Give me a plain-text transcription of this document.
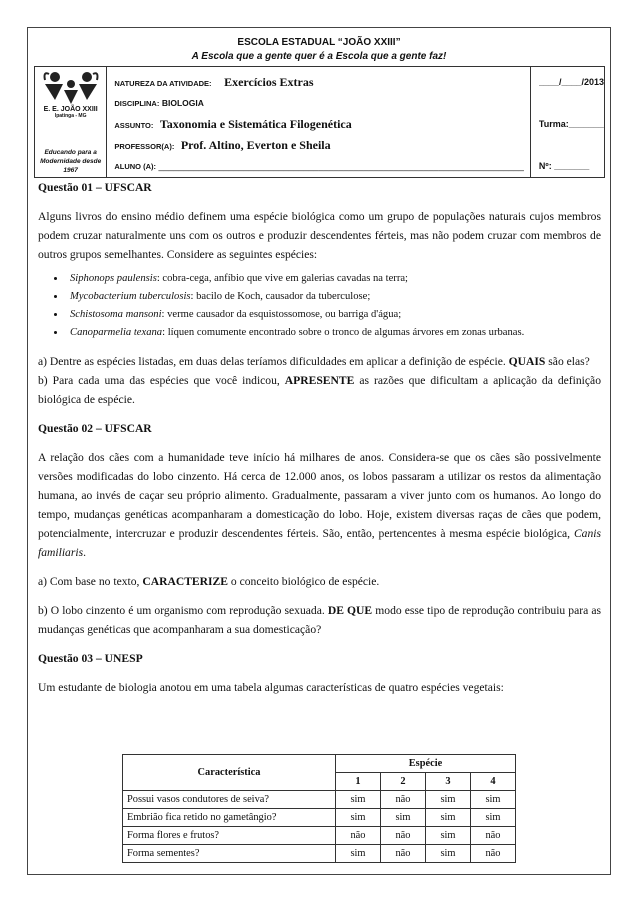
ESCOLA ESTADUAL “JOÃO XXIII”
A Escola que a gente quer é a Escola que a gente faz!
E. E. JOÃO XXIII
Ipatinga - MG
Educando para a
Modernidade desde
1967

NATUREZA DA ATIVIDADE: Exercícios Extras
DISCIPLINA: BIOLOGIA
ASSUNTO: Taxonomia e Sistemática Filogenética
PROFESSOR(A): Prof. Altino, Everton e Sheila
ALUNO (A): _________________________________________________________________________

____/____/2013
Turma:_______
Nº: _______

Questão 01 – UFSCAR

Alguns livros do ensino médio definem uma espécie biológica como um grupo de populações naturais cujos membros podem cruzar naturalmente uns com os outros e produzir descendentes férteis, mas não podem cruzar com membros de outros grupos semelhantes. Considere as seguintes espécies:

• Siphonops paulensis: cobra-cega, anfíbio que vive em galerias cavadas na terra;
• Mycobacterium tuberculosis: bacilo de Koch, causador da tuberculose;
• Schistosoma mansoni: verme causador da esquistossomose, ou barriga d'água;
• Canoparmelia texana: líquen comumente encontrado sobre o tronco de algumas árvores em zonas urbanas.

a) Dentre as espécies listadas, em duas delas teríamos dificuldades em aplicar a definição de espécie. QUAIS são elas?

b) Para cada uma das espécies que você indicou, APRESENTE as razões que dificultam a aplicação da definição biológica de espécie.

Questão 02 – UFSCAR

A relação dos cães com a humanidade teve início há milhares de anos. Considera-se que os cães são possivelmente versões modificadas do lobo cinzento. Há cerca de 12.000 anos, os lobos passaram a utilizar os restos da alimentação humana, ao invés de caçar seu próprio alimento. Gradualmente, passaram a viver junto com os humanos. Ao longo do tempo, mudanças genéticas acompanharam a domesticação do lobo. Hoje, existem diversas raças de cães que podem, potencialmente, intercruzar e produzir descendentes férteis. São, então, pertencentes à mesma espécie biológica, Canis familiaris.

a) Com base no texto, CARACTERIZE o conceito biológico de espécie.

b) O lobo cinzento é um organismo com reprodução sexuada. DE QUE modo esse tipo de reprodução contribuiu para as mudanças genéticas que acompanharam a sua domesticação?

Questão 03 – UNESP

Um estudante de biologia anotou em uma tabela algumas características de quatro espécies vegetais:

Característica	Espécie			
	1	2	3	4
Possui vasos condutores de seiva?	sim	não	sim	sim
Embrião fica retido no gametângio?	sim	sim	sim	sim
Forma flores e frutos?	não	não	sim	não
Forma sementes?	sim	não	sim	não
